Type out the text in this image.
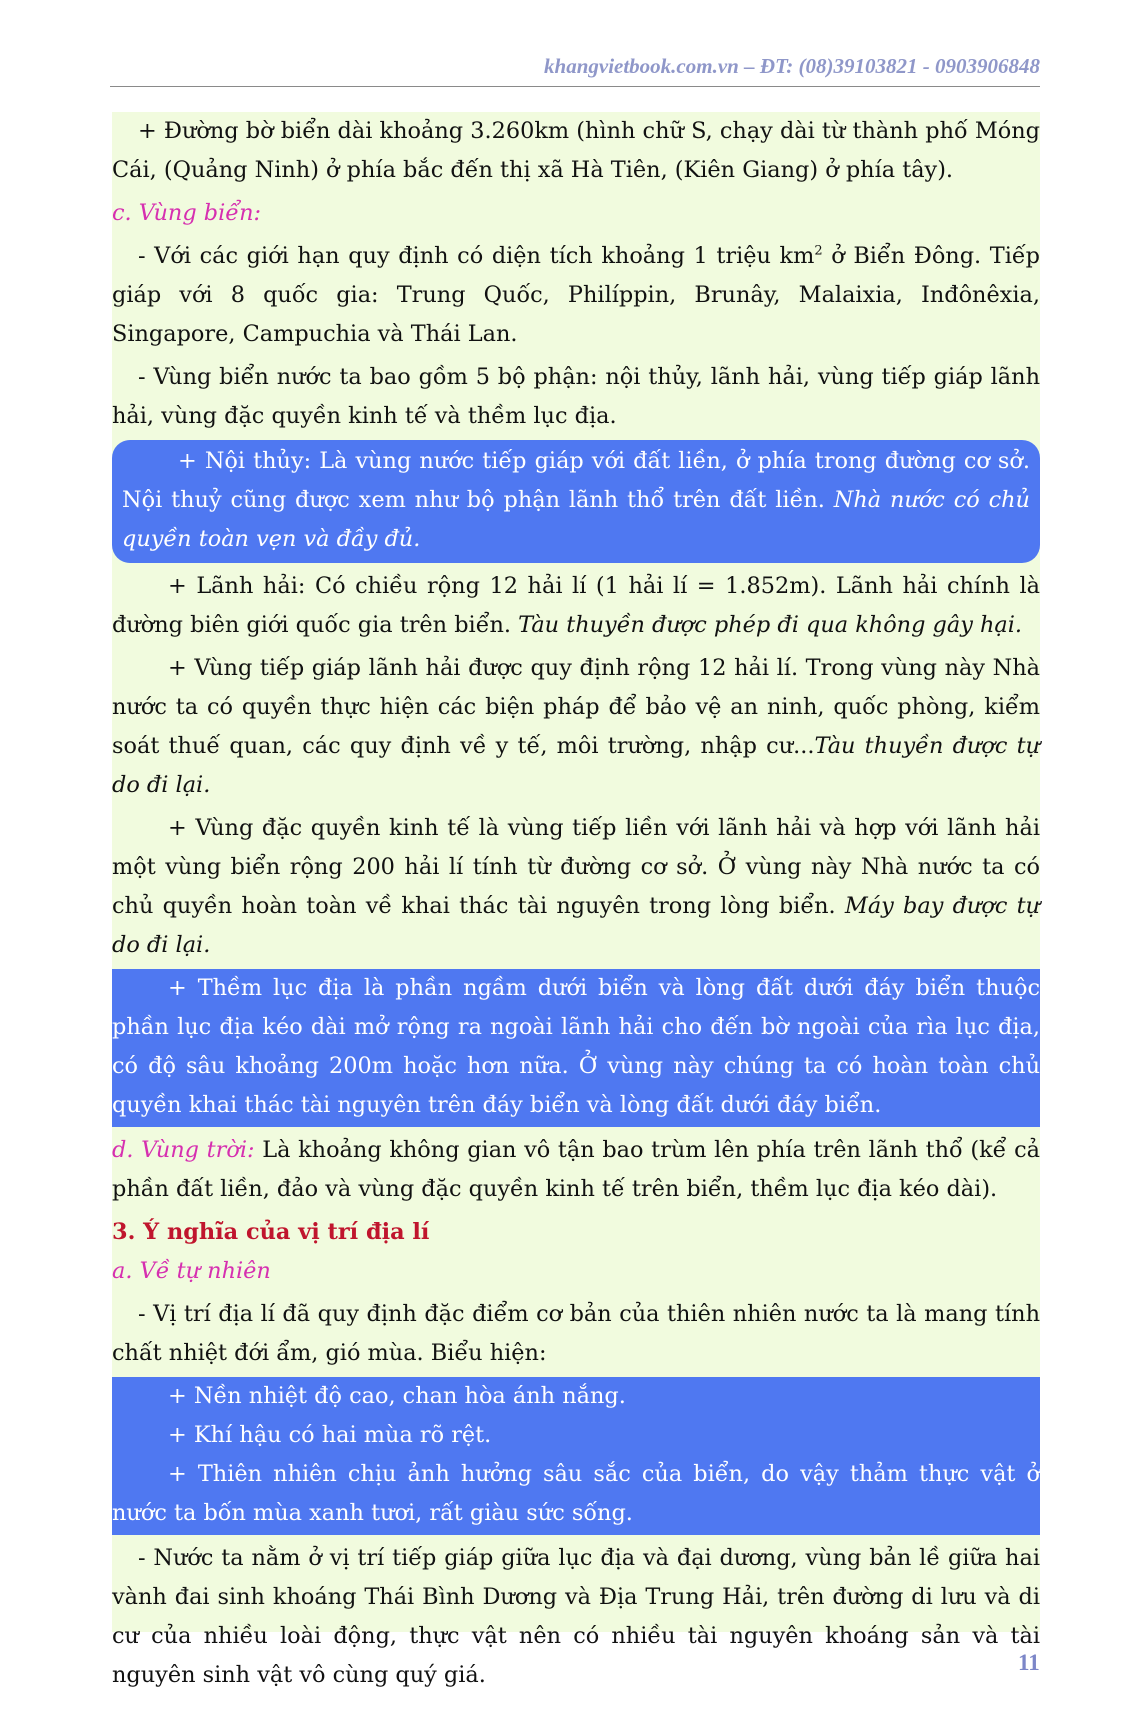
khangvietbook.com.vn – ĐT: (08)39103821 - 0903906848

+ Đường bờ biển dài khoảng 3.260km (hình chữ S, chạy dài từ thành phố Móng Cái, (Quảng Ninh) ở phía bắc đến thị xã Hà Tiên, (Kiên Giang) ở phía tây).

c. Vùng biển:

- Với các giới hạn quy định có diện tích khoảng 1 triệu $km^2$ ở Biển Đông. Tiếp giáp với 8 quốc gia: Trung Quốc, Philíppin, Brunây, Malaixia, Inđônêxia, Singapore, Campuchia và Thái Lan.

- Vùng biển nước ta bao gồm 5 bộ phận: nội thủy, lãnh hải, vùng tiếp giáp lãnh hải, vùng đặc quyền kinh tế và thềm lục địa.

+ Nội thủy: Là vùng nước tiếp giáp với đất liền, ở phía trong đường cơ sở. Nội thuỷ cũng được xem như bộ phận lãnh thổ trên đất liền. Nhà nước có chủ quyền toàn vẹn và đầy đủ.

+ Lãnh hải: Có chiều rộng 12 hải lí (1 hải lí = 1.852m). Lãnh hải chính là đường biên giới quốc gia trên biển. Tàu thuyền được phép đi qua không gây hại.

+ Vùng tiếp giáp lãnh hải được quy định rộng 12 hải lí. Trong vùng này Nhà nước ta có quyền thực hiện các biện pháp để bảo vệ an ninh, quốc phòng, kiểm soát thuế quan, các quy định về y tế, môi trường, nhập cư...Tàu thuyền được tự do đi lại.

+ Vùng đặc quyền kinh tế là vùng tiếp liền với lãnh hải và hợp với lãnh hải một vùng biển rộng 200 hải lí tính từ đường cơ sở. Ở vùng này Nhà nước ta có chủ quyền hoàn toàn về khai thác tài nguyên trong lòng biển. Máy bay được tự do đi lại.

+ Thềm lục địa là phần ngầm dưới biển và lòng đất dưới đáy biển thuộc phần lục địa kéo dài mở rộng ra ngoài lãnh hải cho đến bờ ngoài của rìa lục địa, có độ sâu khoảng 200m hoặc hơn nữa. Ở vùng này chúng ta có hoàn toàn chủ quyền khai thác tài nguyên trên đáy biển và lòng đất dưới đáy biển.

d. Vùng trời: Là khoảng không gian vô tận bao trùm lên phía trên lãnh thổ (kể cả phần đất liền, đảo và vùng đặc quyền kinh tế trên biển, thềm lục địa kéo dài).

3. Ý nghĩa của vị trí địa lí

a. Về tự nhiên

- Vị trí địa lí đã quy định đặc điểm cơ bản của thiên nhiên nước ta là mang tính chất nhiệt đới ẩm, gió mùa. Biểu hiện:

+ Nền nhiệt độ cao, chan hòa ánh nắng.

+ Khí hậu có hai mùa rõ rệt.

+ Thiên nhiên chịu ảnh hưởng sâu sắc của biển, do vậy thảm thực vật ở nước ta bốn mùa xanh tươi, rất giàu sức sống.

- Nước ta nằm ở vị trí tiếp giáp giữa lục địa và đại dương, vùng bản lề giữa hai vành đai sinh khoáng Thái Bình Dương và Địa Trung Hải, trên đường di lưu và di cư của nhiều loài động, thực vật nên có nhiều tài nguyên khoáng sản và tài nguyên sinh vật vô cùng quý giá.	11
